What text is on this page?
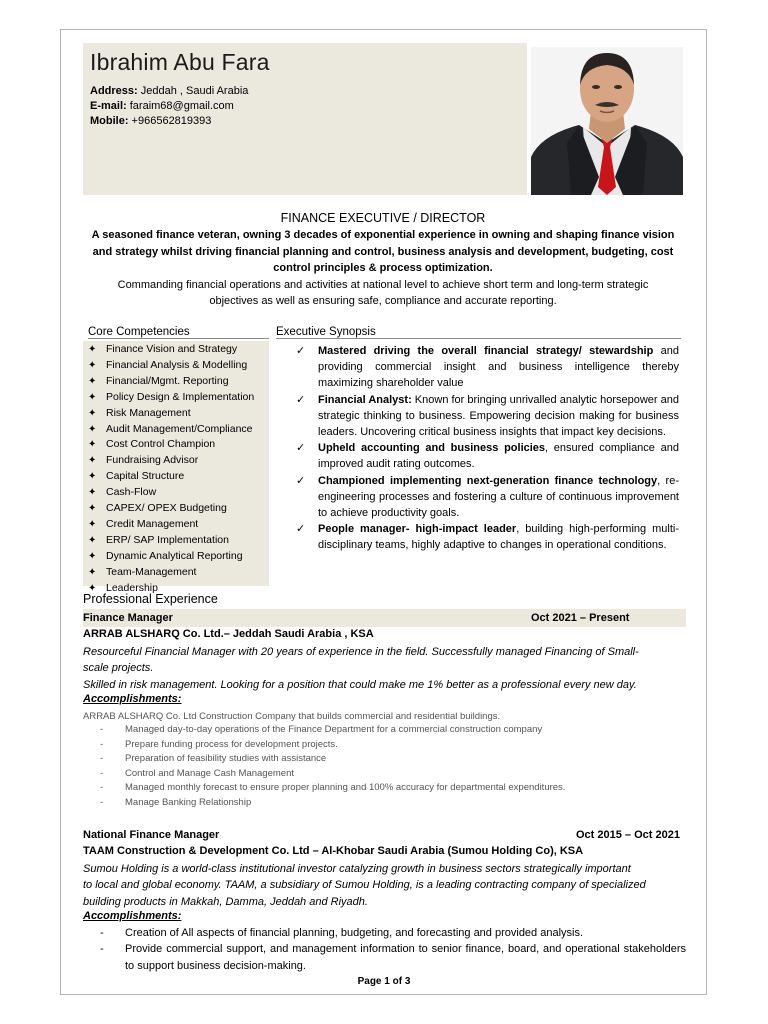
Ibrahim Abu Fara
Address: Jeddah , Saudi Arabia
E-mail: faraim68@gmail.com
Mobile: +966562819393
FINANCE EXECUTIVE / DIRECTOR
A seasoned finance veteran, owning 3 decades of exponential experience in owning and shaping finance vision
and strategy whilst driving financial planning and control, business analysis and development, budgeting, cost
control principles & process optimization.
Commanding financial operations and activities at national level to achieve short term and long-term strategic
objectives as well as ensuring safe, compliance and accurate reporting.
Core Competencies
✦ Finance Vision and Strategy
✦ Financial Analysis & Modelling
✦ Financial/Mgmt. Reporting
✦ Policy Design & Implementation
✦ Risk Management
✦ Audit Management/Compliance
✦ Cost Control Champion
✦ Fundraising Advisor
✦ Capital Structure
✦ Cash-Flow
✦ CAPEX/ OPEX Budgeting
✦ Credit Management
✦ ERP/ SAP Implementation
✦ Dynamic Analytical Reporting
✦ Team-Management
✦ Leadership
Executive Synopsis
✓ Mastered driving the overall financial strategy/ stewardship and providing commercial insight and business intelligence thereby maximizing shareholder value
✓ Financial Analyst: Known for bringing unrivalled analytic horsepower and strategic thinking to business. Empowering decision making for business leaders. Uncovering critical business insights that impact key decisions.
✓ Upheld accounting and business policies, ensured compliance and improved audit rating outcomes.
✓ Championed implementing next-generation finance technology, re-engineering processes and fostering a culture of continuous improvement to achieve productivity goals.
✓ People manager- high-impact leader, building high-performing multi-disciplinary teams, highly adaptive to changes in operational conditions.
Professional Experience
Finance Manager	Oct 2021 – Present
ARRAB ALSHARQ Co. Ltd.– Jeddah Saudi Arabia , KSA
Resourceful Financial Manager with 20 years of experience in the field. Successfully managed Financing of Small-
scale projects.
Skilled in risk management. Looking for a position that could make me 1% better as a professional every new day.
Accomplishments:
ARRAB ALSHARQ Co. Ltd Construction Company that builds commercial and residential buildings.
- Managed day-to-day operations of the Finance Department for a commercial construction company
- Prepare funding process for development projects.
- Preparation of feasibility studies with assistance
- Control and Manage Cash Management
- Managed monthly forecast to ensure proper planning and 100% accuracy for departmental expenditures.
- Manage Banking Relationship
National Finance Manager	Oct 2015 – Oct 2021
TAAM Construction & Development Co. Ltd – Al-Khobar Saudi Arabia (Sumou Holding Co), KSA
Sumou Holding is a world-class institutional investor catalyzing growth in business sectors strategically important
to local and global economy. TAAM, a subsidiary of Sumou Holding, is a leading contracting company of specialized
building products in Makkah, Damma, Jeddah and Riyadh.
Accomplishments:
- Creation of All aspects of financial planning, budgeting, and forecasting and provided analysis.
- Provide commercial support, and management information to senior finance, board, and operational stakeholders to support business decision-making.
Page 1 of 3
